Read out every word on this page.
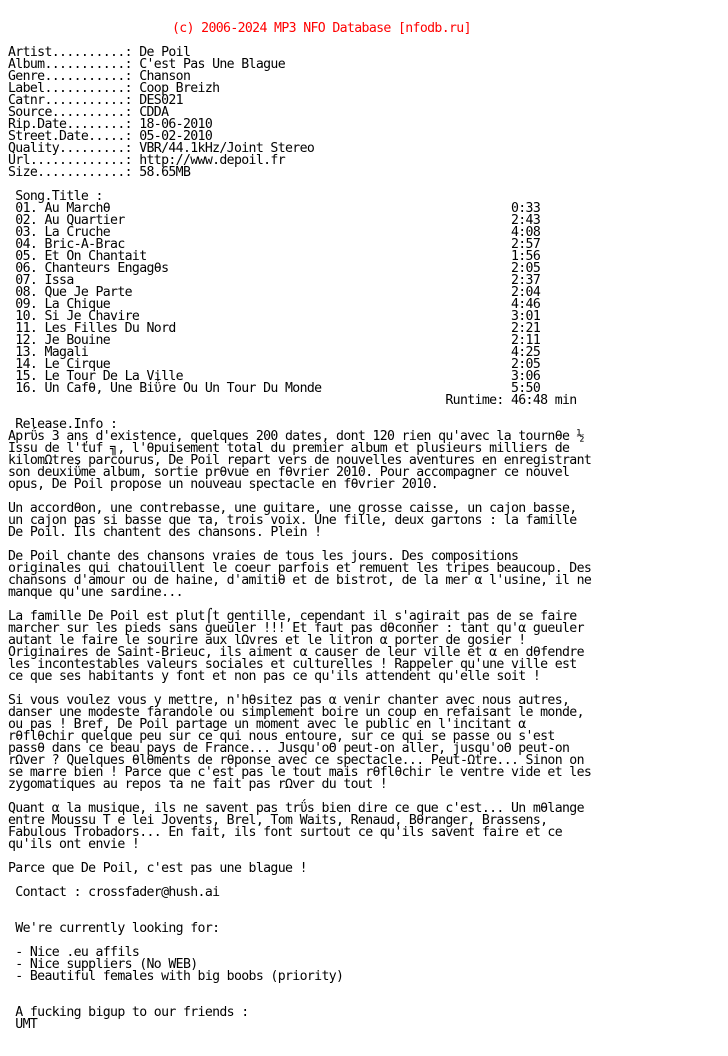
(c) 2006-2024 MP3 NFO Database [nfodb.ru]

Artist..........: De Poil
Album...........: C'est Pas Une Blague
Genre...........: Chanson
Label...........: Coop Breizh
Catnr...........: DES021
Source..........: CDDA
Rip.Date........: 18-06-2010
Street.Date.....: 05-02-2010
Quality.........: VBR/44.1kHz/Joint Stereo
Url.............: http://www.depoil.fr
Size............: 58.65MB
Song.Title :
01. Au Marchθ                                                       0:33
02. Au Quartier                                                     2:43
03. La Cruche                                                       4:08
04. Bric-A-Brac                                                     2:57
05. Et On Chantait                                                  1:56
06. Chanteurs Engagθs                                               2:05
07. Issa                                                            2:37
08. Que Je Parte                                                    2:04
09. La Chique                                                       4:46
10. Si Je Chavire                                                   3:01
11. Les Filles Du Nord                                              2:21
12. Je Bouine                                                       2:11
13. Magali                                                          4:25
14. Le Cirque                                                       2:05
15. Le Tour De La Ville                                             3:06
16. Un Cafθ, Une Biΰre Ou Un Tour Du Monde                          5:50
Runtime: 46:48 min
Release.Info :
Aprΰs 3 ans d'existence, quelques 200 dates, dont 120 rien qu'avec la tournθe ½
Issu de l'ťuf ╗, l'θpuisement total du premier album et plusieurs milliers de
kilomΩtres parcourus, De Poil repart vers de nouvelles aventures en enregistrant
son deuxiΰme album, sortie prθvue en fθvrier 2010. Pour accompagner ce nouvel
opus, De Poil propose un nouveau spectacle en fθvrier 2010.
Un accordθon, une contrebasse, une guitare, une grosse caisse, un cajon basse,
un cajon pas si basse que τa, trois voix. Une fille, deux garτons : la famille
De Poil. Ils chantent des chansons. Plein !
De Poil chante des chansons vraies de tous les jours. Des compositions
originales qui chatouillent le coeur parfois et remuent les tripes beaucoup. Des
chansons d'amour ou de haine, d'amitiθ et de bistrot, de la mer α l'usine, il ne
manque qu'une sardine...
La famille De Poil est plut⌠t gentille, cependant il s'agirait pas de se faire
marcher sur les pieds sans gueuler !!! Et faut pas dθconner : tant qu'α gueuler
autant le faire le sourire aux lΩvres et le litron α porter de gosier !
Originaires de Saint-Brieuc, ils aiment α causer de leur ville et α en dθfendre
les incontestables valeurs sociales et culturelles ! Rappeler qu'une ville est
ce que ses habitants y font et non pas ce qu'ils attendent qu'elle soit !
Si vous voulez vous y mettre, n'hθsitez pas α venir chanter avec nous autres,
danser une modeste farandole ou simplement boire un coup en refaisant le monde,
ou pas ! Bref, De Poil partage un moment avec le public en l'incitant α
rθflθchir quelque peu sur ce qui nous entoure, sur ce qui se passe ou s'est
passθ dans ce beau pays de France... Jusqu'oΘ peut-on aller, jusqu'oΘ peut-on
rΩver ? Quelques θlθments de rθponse avec ce spectacle... Peut-Ωtre... Sinon on
se marre bien ! Parce que c'est pas le tout mais rθflθchir le ventre vide et les
zygomatiques au repos τa ne fait pas rΩver du tout !
Quant α la musique, ils ne savent pas trΰs bien dire ce que c'est... Un mθlange
entre Moussu T e lei Jovents, Brel, Tom Waits, Renaud, Bθranger, Brassens,
Fabulous Trobadors... En fait, ils font surtout ce qu'ils savent faire et ce
qu'ils ont envie !
Parce que De Poil, c'est pas une blague !
Contact : crossfader@hush.ai
We're currently looking for:
- Nice .eu affils
- Nice suppliers (No WEB)
- Beautiful females with big boobs (priority)
A fucking bigup to our friends :
UMT
